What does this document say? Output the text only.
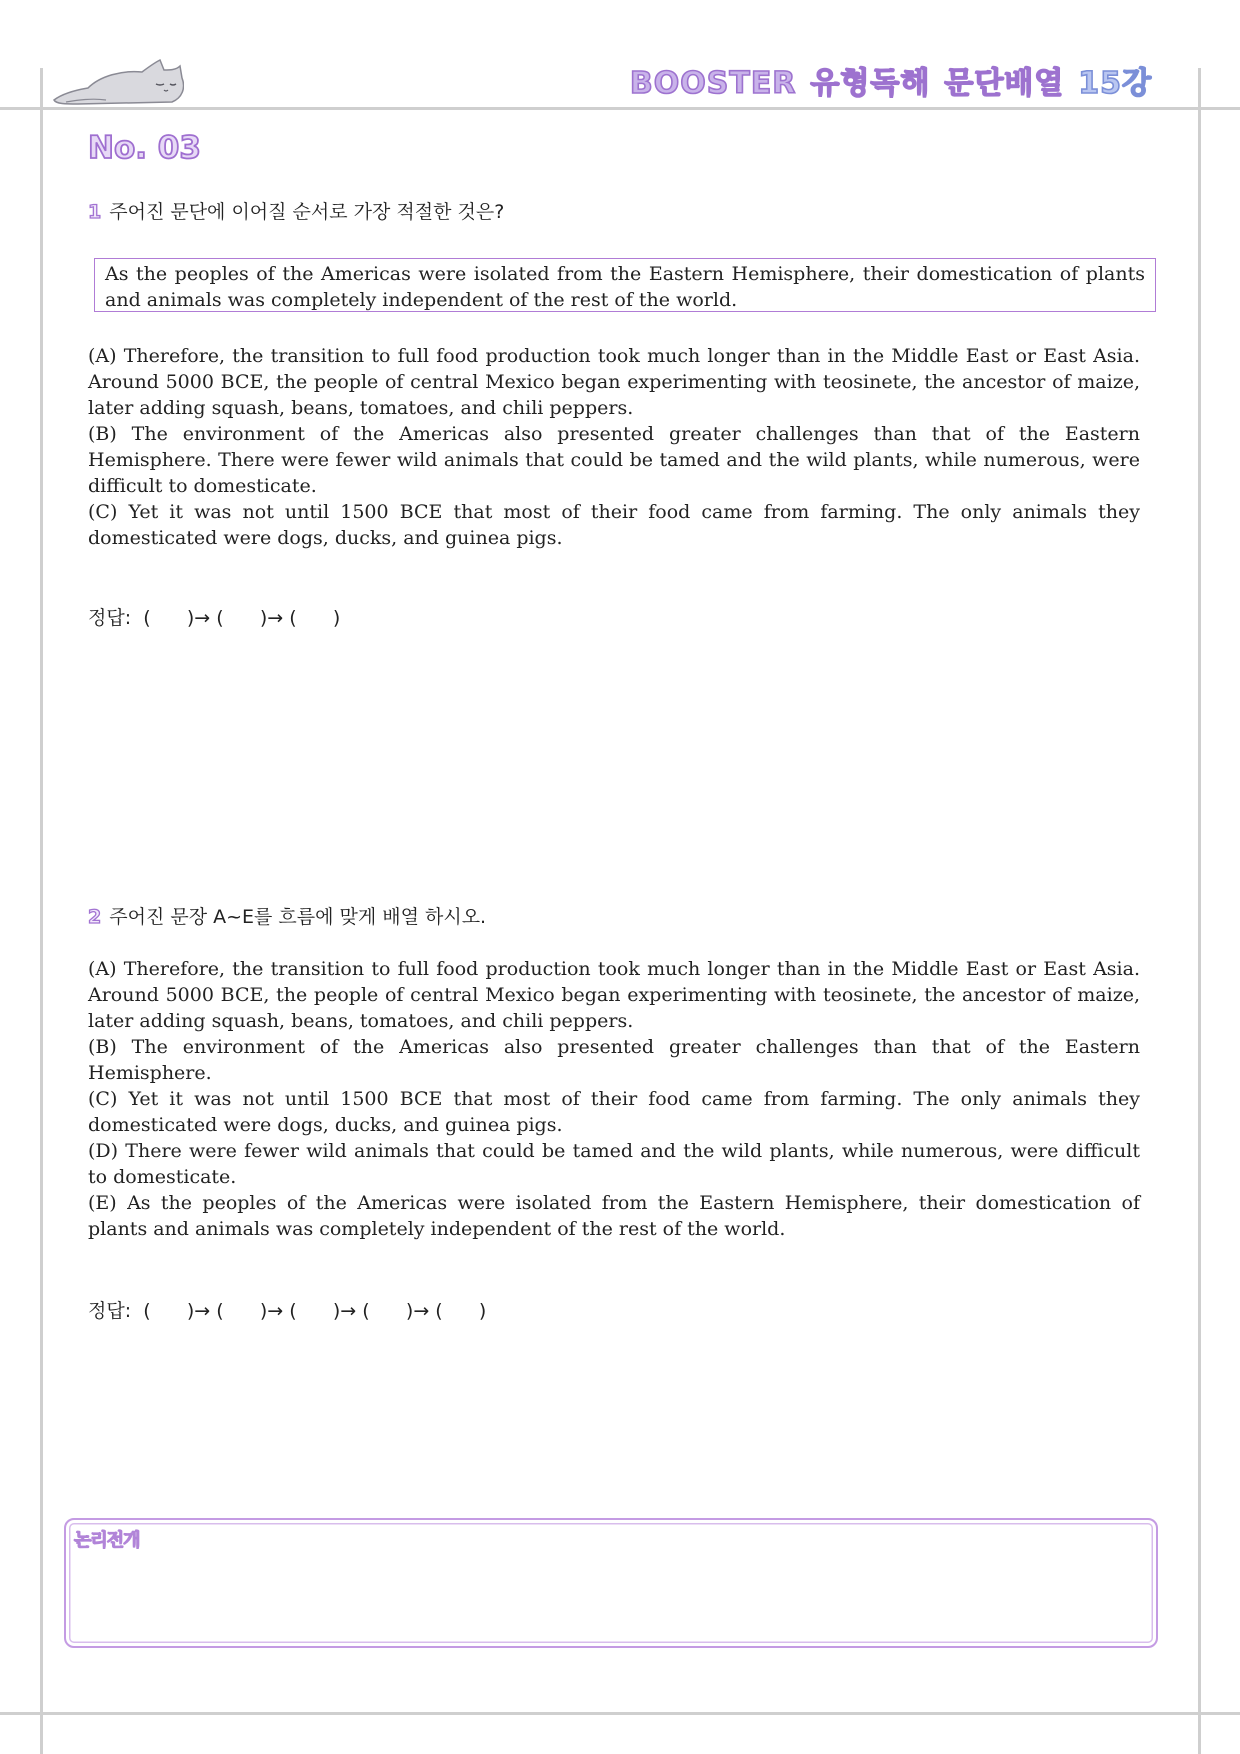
BOOSTER 유형독해 문단배열 15강
No. 03

1 주어진 문단에 이어질 순서로 가장 적절한 것은?

As the peoples of the Americas were isolated from the Eastern Hemisphere, their domestication of plants and animals was completely independent of the rest of the world.

(A) Therefore, the transition to full food production took much longer than in the Middle East or East Asia. Around 5000 BCE, the people of central Mexico began experimenting with teosinete, the ancestor of maize, later adding squash, beans, tomatoes, and chili peppers.

(B) The environment of the Americas also presented greater challenges than that of the Eastern Hemisphere. There were fewer wild animals that could be tamed and the wild plants, while numerous, were difficult to domesticate.

(C) Yet it was not until 1500 BCE that most of their food came from farming. The only animals they domesticated were dogs, ducks, and guinea pigs.

정답:  (      )→ (      )→ (      )

2 주어진 문장 A~E를 흐름에 맞게 배열 하시오.

(A) Therefore, the transition to full food production took much longer than in the Middle East or East Asia. Around 5000 BCE, the people of central Mexico began experimenting with teosinete, the ancestor of maize, later adding squash, beans, tomatoes, and chili peppers.

(B) The environment of the Americas also presented greater challenges than that of the Eastern Hemisphere.

(C) Yet it was not until 1500 BCE that most of their food came from farming. The only animals they domesticated were dogs, ducks, and guinea pigs.

(D) There were fewer wild animals that could be tamed and the wild plants, while numerous, were difficult to domesticate.

(E) As the peoples of the Americas were isolated from the Eastern Hemisphere, their domestication of plants and animals was completely independent of the rest of the world.

정답:  (      )→ (      )→ (      )→ (      )→ (      )

논리전개
